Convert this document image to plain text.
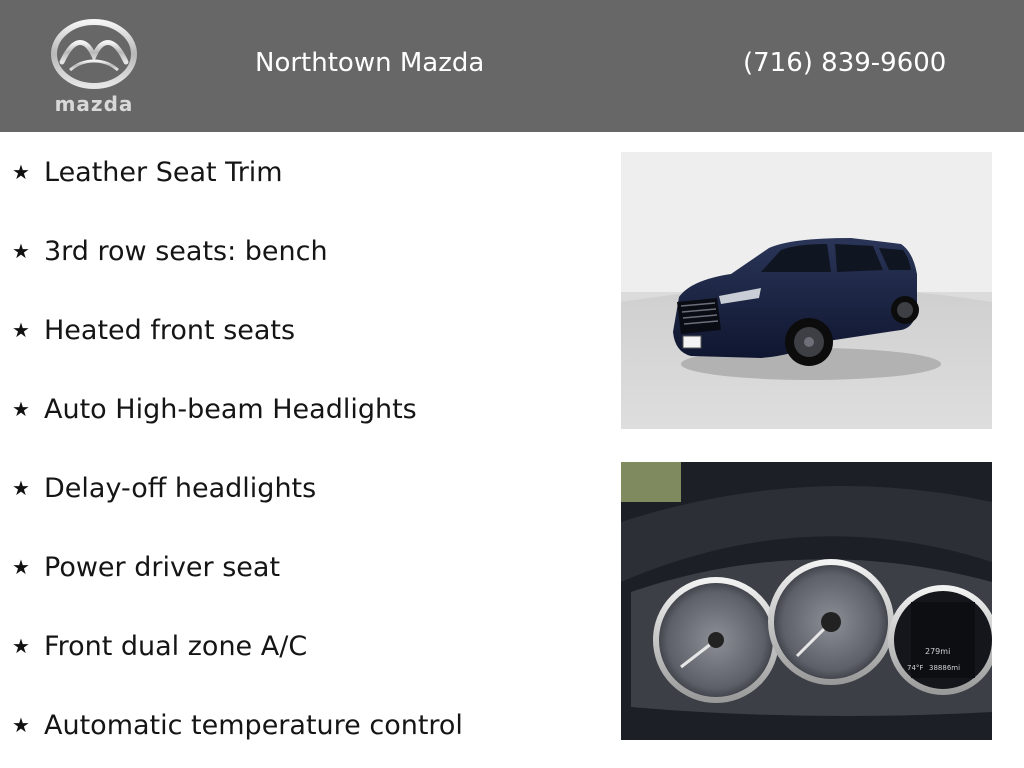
mazda
Northtown Mazda	(716) 839-9600
★ Leather Seat Trim
★ 3rd row seats: bench
★ Heated front seats
★ Auto High-beam Headlights
★ Delay-off headlights
★ Power driver seat
★ Front dual zone A/C
★ Automatic temperature control
279mi
38886mi
74°F
